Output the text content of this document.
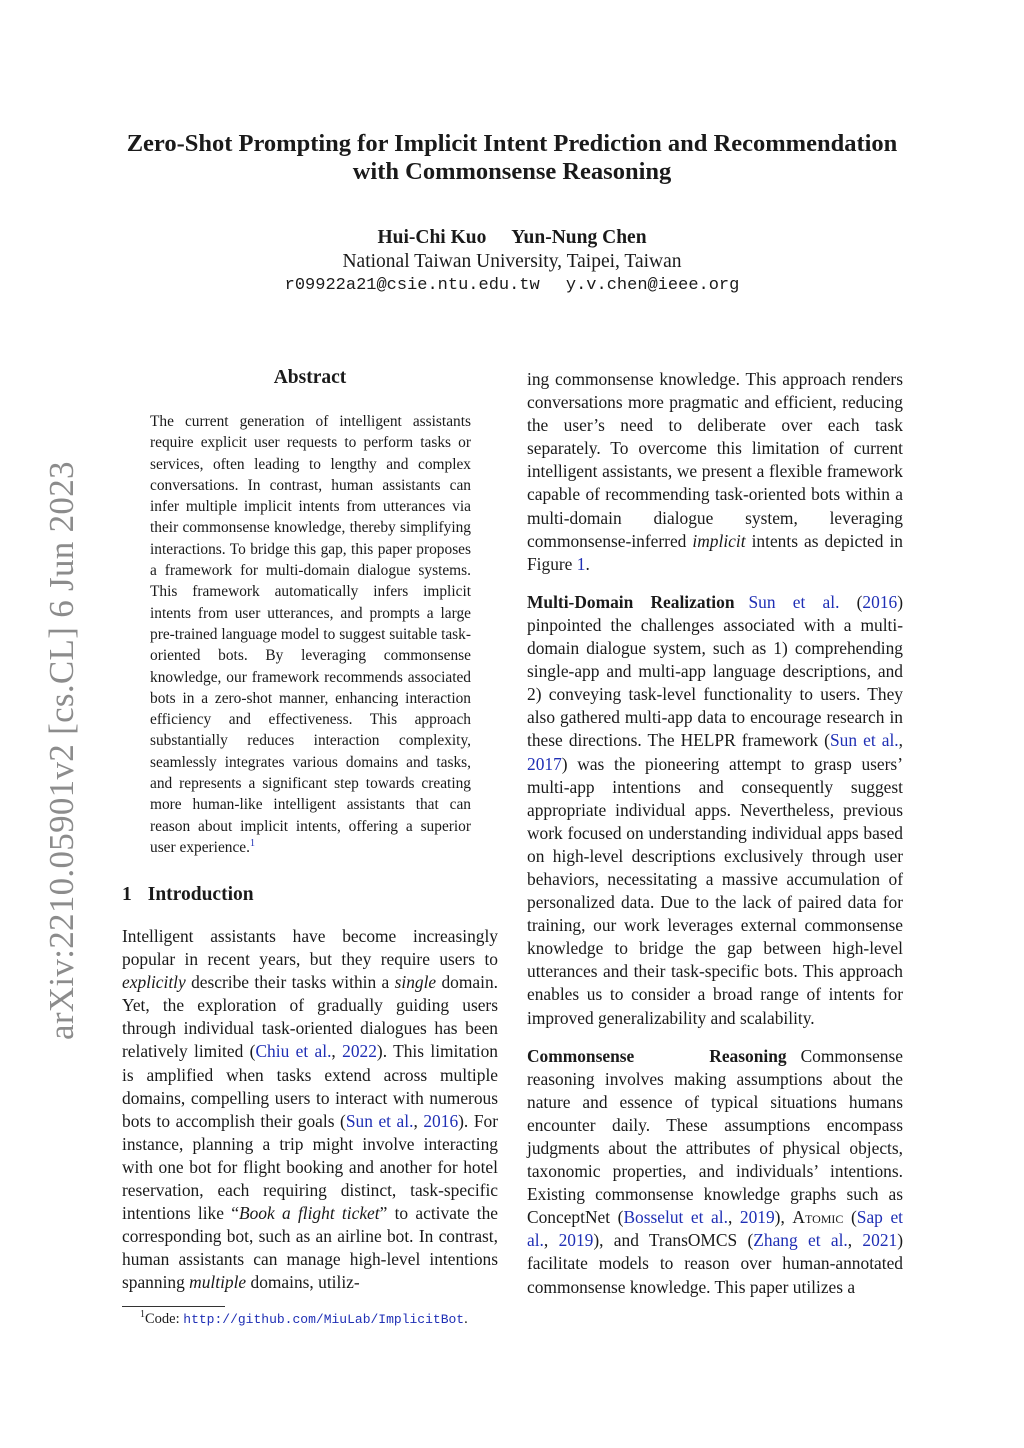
arXiv:2210.05901v2 [cs.CL] 6 Jun 2023
Zero-Shot Prompting for Implicit Intent Prediction and Recommendation
with Commonsense Reasoning
Hui-Chi Kuo Yun-Nung Chen
National Taiwan University, Taipei, Taiwan
r09922a21@csie.ntu.edu.tw y.v.chen@ieee.org
Abstract
The current generation of intelligent assistants require explicit user requests to perform tasks or services, often leading to lengthy and complex conversations. In contrast, human assistants can infer multiple implicit intents from utterances via their commonsense knowledge, thereby simplifying interactions. To bridge this gap, this paper proposes a framework for multi-domain dialogue systems. This framework automatically infers implicit intents from user utterances, and prompts a large pre-trained language model to suggest suitable task-oriented bots. By leveraging commonsense knowledge, our framework recommends associated bots in a zero-shot manner, enhancing interaction efficiency and effectiveness. This approach substantially reduces interaction complexity, seamlessly integrates various domains and tasks, and represents a significant step towards creating more human-like intelligent assistants that can reason about implicit intents, offering a superior user experience.$^1$
1 Introduction
Intelligent assistants have become increasingly popular in recent years, but they require users to explicitly describe their tasks within a single domain. Yet, the exploration of gradually guiding users through individual task-oriented dialogues has been relatively limited (Chiu et al., 2022). This limitation is amplified when tasks extend across multiple domains, compelling users to interact with numerous bots to accomplish their goals (Sun et al., 2016). For instance, planning a trip might involve interacting with one bot for flight booking and another for hotel reservation, each requiring distinct, task-specific intentions like “Book a flight ticket” to activate the corresponding bot, such as an airline bot. In contrast, human assistants can manage high-level intentions spanning multiple domains, utiliz-
$^1$Code: http://github.com/MiuLab/ImplicitBot.

ing commonsense knowledge. This approach renders conversations more pragmatic and efficient, reducing the user’s need to deliberate over each task separately. To overcome this limitation of current intelligent assistants, we present a flexible framework capable of recommending task-oriented bots within a multi-domain dialogue system, leveraging commonsense-inferred implicit intents as depicted in Figure 1.

Multi-Domain Realization Sun et al. (2016) pinpointed the challenges associated with a multi-domain dialogue system, such as 1) comprehending single-app and multi-app language descriptions, and 2) conveying task-level functionality to users. They also gathered multi-app data to encourage research in these directions. The HELPR framework (Sun et al., 2017) was the pioneering attempt to grasp users’ multi-app intentions and consequently suggest appropriate individual apps. Nevertheless, previous work focused on understanding individual apps based on high-level descriptions exclusively through user behaviors, necessitating a massive accumulation of personalized data. Due to the lack of paired data for training, our work leverages external commonsense knowledge to bridge the gap between high-level utterances and their task-specific bots. This approach enables us to consider a broad range of intents for improved generalizability and scalability.

Commonsense Reasoning Commonsense reasoning involves making assumptions about the nature and essence of typical situations humans encounter daily. These assumptions encompass judgments about the attributes of physical objects, taxonomic properties, and individuals’ intentions. Existing commonsense knowledge graphs such as ConceptNet (Bosselut et al., 2019), Atomic (Sap et al., 2019), and TransOMCS (Zhang et al., 2021) facilitate models to reason over human-annotated commonsense knowledge. This paper utilizes a
